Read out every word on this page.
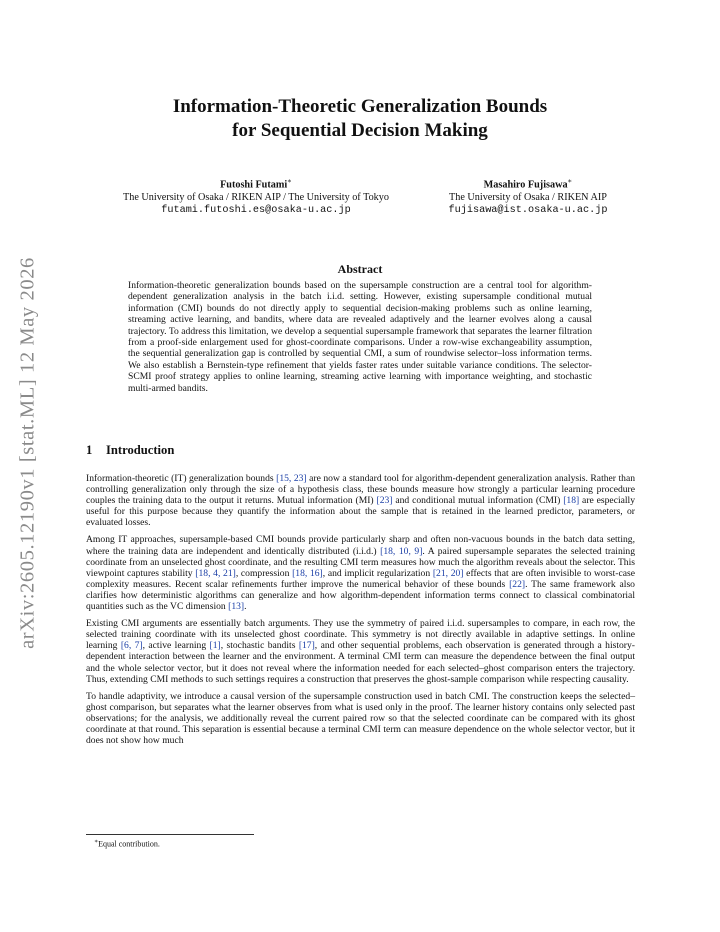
arXiv:2605.12190v1 [stat.ML] 12 May 2026
Information-Theoretic Generalization Bounds
for Sequential Decision Making
Futoshi Futami∗
The University of Osaka / RIKEN AIP / The University of Tokyo
futami.futoshi.es@osaka-u.ac.jp
Masahiro Fujisawa∗
The University of Osaka / RIKEN AIP
fujisawa@ist.osaka-u.ac.jp
Abstract
Information-theoretic generalization bounds based on the supersample construction are a central tool for algorithm-dependent generalization analysis in the batch i.i.d. setting. However, existing supersample conditional mutual information (CMI) bounds do not directly apply to sequential decision-making problems such as online learning, streaming active learning, and bandits, where data are revealed adaptively and the learner evolves along a causal trajectory. To address this limitation, we develop a sequential supersample framework that separates the learner filtration from a proof-side enlargement used for ghost-coordinate comparisons. Under a row-wise exchangeability assumption, the sequential generalization gap is controlled by sequential CMI, a sum of roundwise selector–loss information terms. We also establish a Bernstein-type refinement that yields faster rates under suitable variance conditions. The selector-SCMI proof strategy applies to online learning, streaming active learning with importance weighting, and stochastic multi-armed bandits.
1 Introduction

Information-theoretic (IT) generalization bounds [15, 23] are now a standard tool for algorithm-dependent generalization analysis. Rather than controlling generalization only through the size of a hypothesis class, these bounds measure how strongly a particular learning procedure couples the training data to the output it returns. Mutual information (MI) [23] and conditional mutual information (CMI) [18] are especially useful for this purpose because they quantify the information about the sample that is retained in the learned predictor, parameters, or evaluated losses.

Among IT approaches, supersample-based CMI bounds provide particularly sharp and often non-vacuous bounds in the batch data setting, where the training data are independent and identically distributed (i.i.d.) [18, 10, 9]. A paired supersample separates the selected training coordinate from an unselected ghost coordinate, and the resulting CMI term measures how much the algorithm reveals about the selector. This viewpoint captures stability [18, 4, 21], compression [18, 16], and implicit regularization [21, 20] effects that are often invisible to worst-case complexity measures. Recent scalar refinements further improve the numerical behavior of these bounds [22]. The same framework also clarifies how deterministic algorithms can generalize and how algorithm-dependent information terms connect to classical combinatorial quantities such as the VC dimension [13].

Existing CMI arguments are essentially batch arguments. They use the symmetry of paired i.i.d. supersamples to compare, in each row, the selected training coordinate with its unselected ghost coordinate. This symmetry is not directly available in adaptive settings. In online learning [6, 7], active learning [1], stochastic bandits [17], and other sequential problems, each observation is generated through a history-dependent interaction between the learner and the environment. A terminal CMI term can measure the dependence between the final output and the whole selector vector, but it does not reveal where the information needed for each selected–ghost comparison enters the trajectory. Thus, extending CMI methods to such settings requires a construction that preserves the ghost-sample comparison while respecting causality.

To handle adaptivity, we introduce a causal version of the supersample construction used in batch CMI. The construction keeps the selected–ghost comparison, but separates what the learner observes from what is used only in the proof. The learner history contains only selected past observations; for the analysis, we additionally reveal the current paired row so that the selected coordinate can be compared with its ghost coordinate at that round. This separation is essential because a terminal CMI term can measure dependence on the whole selector vector, but it does not show how much

∗Equal contribution.
